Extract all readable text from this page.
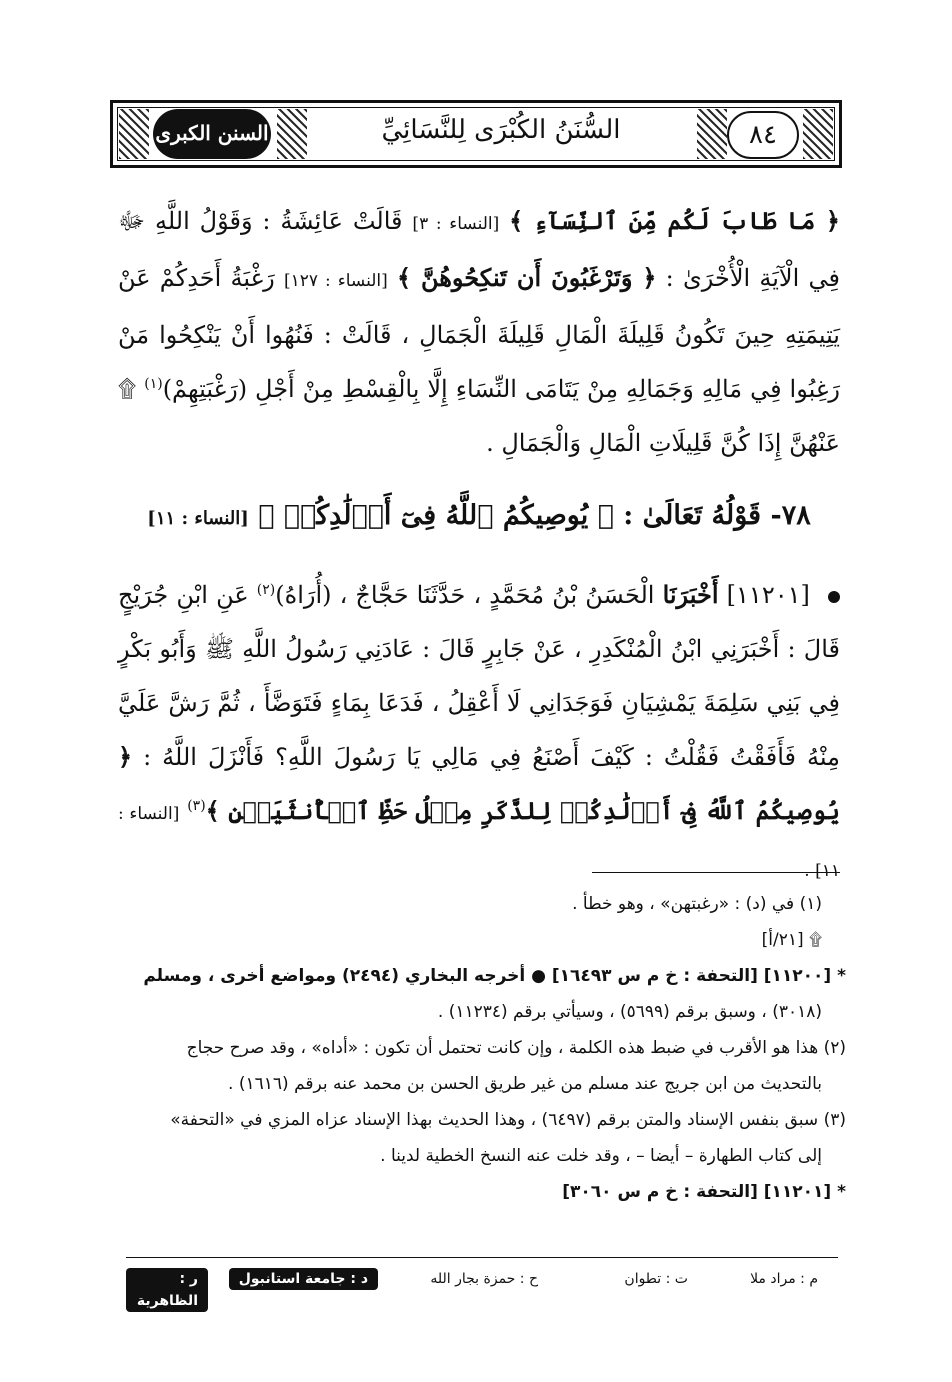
السنن الكبرى	السُّنَنُ الكُبْرَى لِلنَّسَائِيِّ	٨٤
﴿ مَا طَابَ لَكُم مِّنَ ٱلنِّسَآءِ ﴾ [النساء : ٣] قَالَتْ عَائِشَةُ : وَقَوْلُ اللَّهِ ﷻ فِي الْآيَةِ الْأُخْرَىٰ : ﴿ وَتَرْغَبُونَ أَن تَنكِحُوهُنَّ ﴾ [النساء : ١٢٧] رَغْبَةُ أَحَدِكُمْ عَنْ يَتِيمَتِهِ حِينَ تَكُونُ قَلِيلَةَ الْمَالِ قَلِيلَةَ الْجَمَالِ ، قَالَتْ : فَنُهُوا أَنْ يَنْكِحُوا مَنْ رَغِبُوا فِي مَالِهِ وَجَمَالِهِ مِنْ يَتَامَى النِّسَاءِ إِلَّا بِالْقِسْطِ مِنْ أَجْلِ (رَغْبَتِهِمْ)$^{(١)}$ ۩ عَنْهُنَّ إِذَا كُنَّ قَلِيلَاتِ الْمَالِ وَالْجَمَالِ .
٧٨- قَوْلُهُ تَعَالَىٰ : ﴿ يُوصِيكُمُ ٱللَّهُ فِىٓ أَوۡلَٰدِكُمۡ ﴾ [النساء : ١١]
[١١٢٠١] أَخْبَرَنَا الْحَسَنُ بْنُ مُحَمَّدٍ ، حَدَّثَنَا حَجَّاجٌ ، (أُرَاهُ)$^{(٢)}$ عَنِ ابْنِ جُرَيْجٍ قَالَ : أَخْبَرَنِي ابْنُ الْمُنْكَدِرِ ، عَنْ جَابِرٍ قَالَ : عَادَنِي رَسُولُ اللَّهِ ﷺ وَأَبُو بَكْرٍ فِي بَنِي سَلِمَةَ يَمْشِيَانِ فَوَجَدَانِي لَا أَعْقِلُ ، فَدَعَا بِمَاءٍ فَتَوَضَّأَ ، ثُمَّ رَشَّ عَلَيَّ مِنْهُ فَأَفَقْتُ فَقُلْتُ : كَيْفَ أَصْنَعُ فِي مَالِي يَا رَسُولَ اللَّهِ؟ فَأَنْزَلَ اللَّهُ : ﴿ يُوصِيكُمُ ٱللَّهُ فِىٓ أَوۡلَٰدِكُمۡ لِلذَّكَرِ مِثۡلُ حَظِّ ٱلۡأُنثَيَيۡنِ ﴾$^{(٣)}$ [النساء : ١١] .

(١) في (د) : «رغبتهن» ، وهو خطأ .

۩ [٢١/أ]

* [١١٢٠٠] [التحفة : خ م س ١٦٤٩٣] ● أخرجه البخاري (٢٤٩٤) ومواضع أخرى ، ومسلم

(٣٠١٨) ، وسبق برقم (٥٦٩٩) ، وسيأتي برقم (١١٢٣٤) .

(٢) هذا هو الأقرب في ضبط هذه الكلمة ، وإن كانت تحتمل أن تكون : «أداه» ، وقد صرح حجاج

بالتحديث من ابن جريج عند مسلم من غير طريق الحسن بن محمد عنه برقم (١٦١٦) .

(٣) سبق بنفس الإسناد والمتن برقم (٦٤٩٧) ، وهذا الحديث بهذا الإسناد عزاه المزي في «التحفة»

إلى كتاب الطهارة – أيضا – ، وقد خلت عنه النسخ الخطية لدينا .

* [١١٢٠١] [التحفة : خ م س ٣٠٦٠]

م : مراد ملا
ت : تطوان
ح : حمزة بجار الله
د : جامعة استانبول
ر : الظاهرية
